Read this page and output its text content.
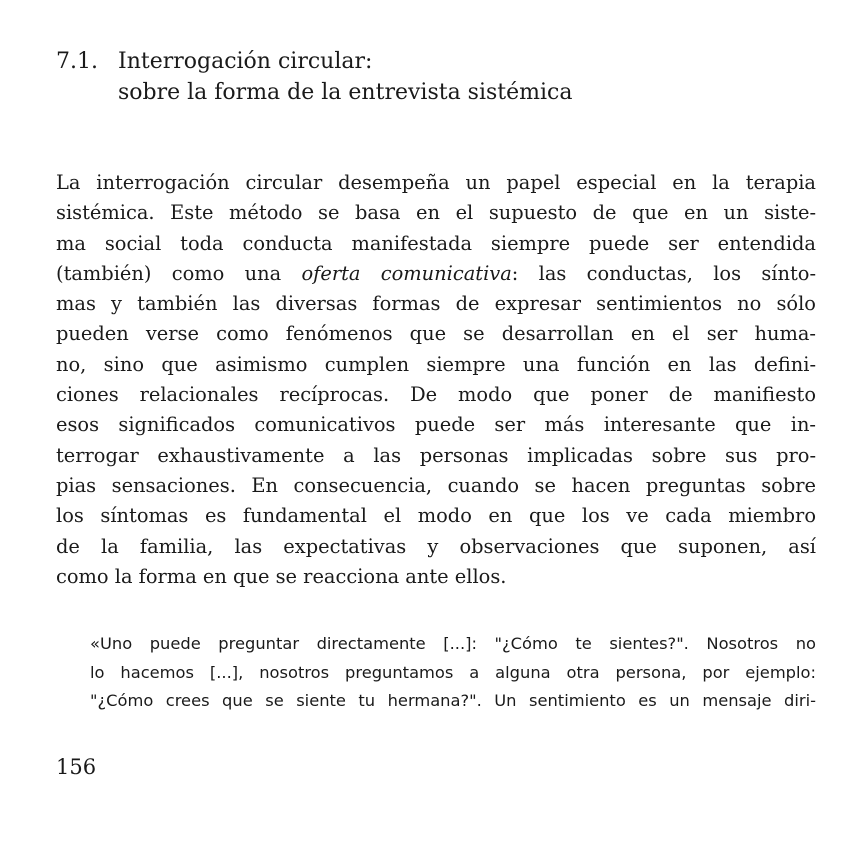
7.1. Interrogación circular:
sobre la forma de la entrevista sistémica
La interrogación circular desempeña un papel especial en la terapia
sistémica. Este método se basa en el supuesto de que en un siste-
ma social toda conducta manifestada siempre puede ser entendida
(también) como una oferta comunicativa: las conductas, los sínto-
mas y también las diversas formas de expresar sentimientos no sólo
pueden verse como fenómenos que se desarrollan en el ser huma-
no, sino que asimismo cumplen siempre una función en las defini-
ciones relacionales recíprocas. De modo que poner de manifiesto
esos significados comunicativos puede ser más interesante que in-
terrogar exhaustivamente a las personas implicadas sobre sus pro-
pias sensaciones. En consecuencia, cuando se hacen preguntas sobre
los síntomas es fundamental el modo en que los ve cada miembro
de la familia, las expectativas y observaciones que suponen, así
como la forma en que se reacciona ante ellos.
«Uno puede preguntar directamente [...]: "¿Cómo te sientes?". Nosotros no
lo hacemos [...], nosotros preguntamos a alguna otra persona, por ejemplo:
"¿Cómo crees que se siente tu hermana?". Un sentimiento es un mensaje diri-
156
